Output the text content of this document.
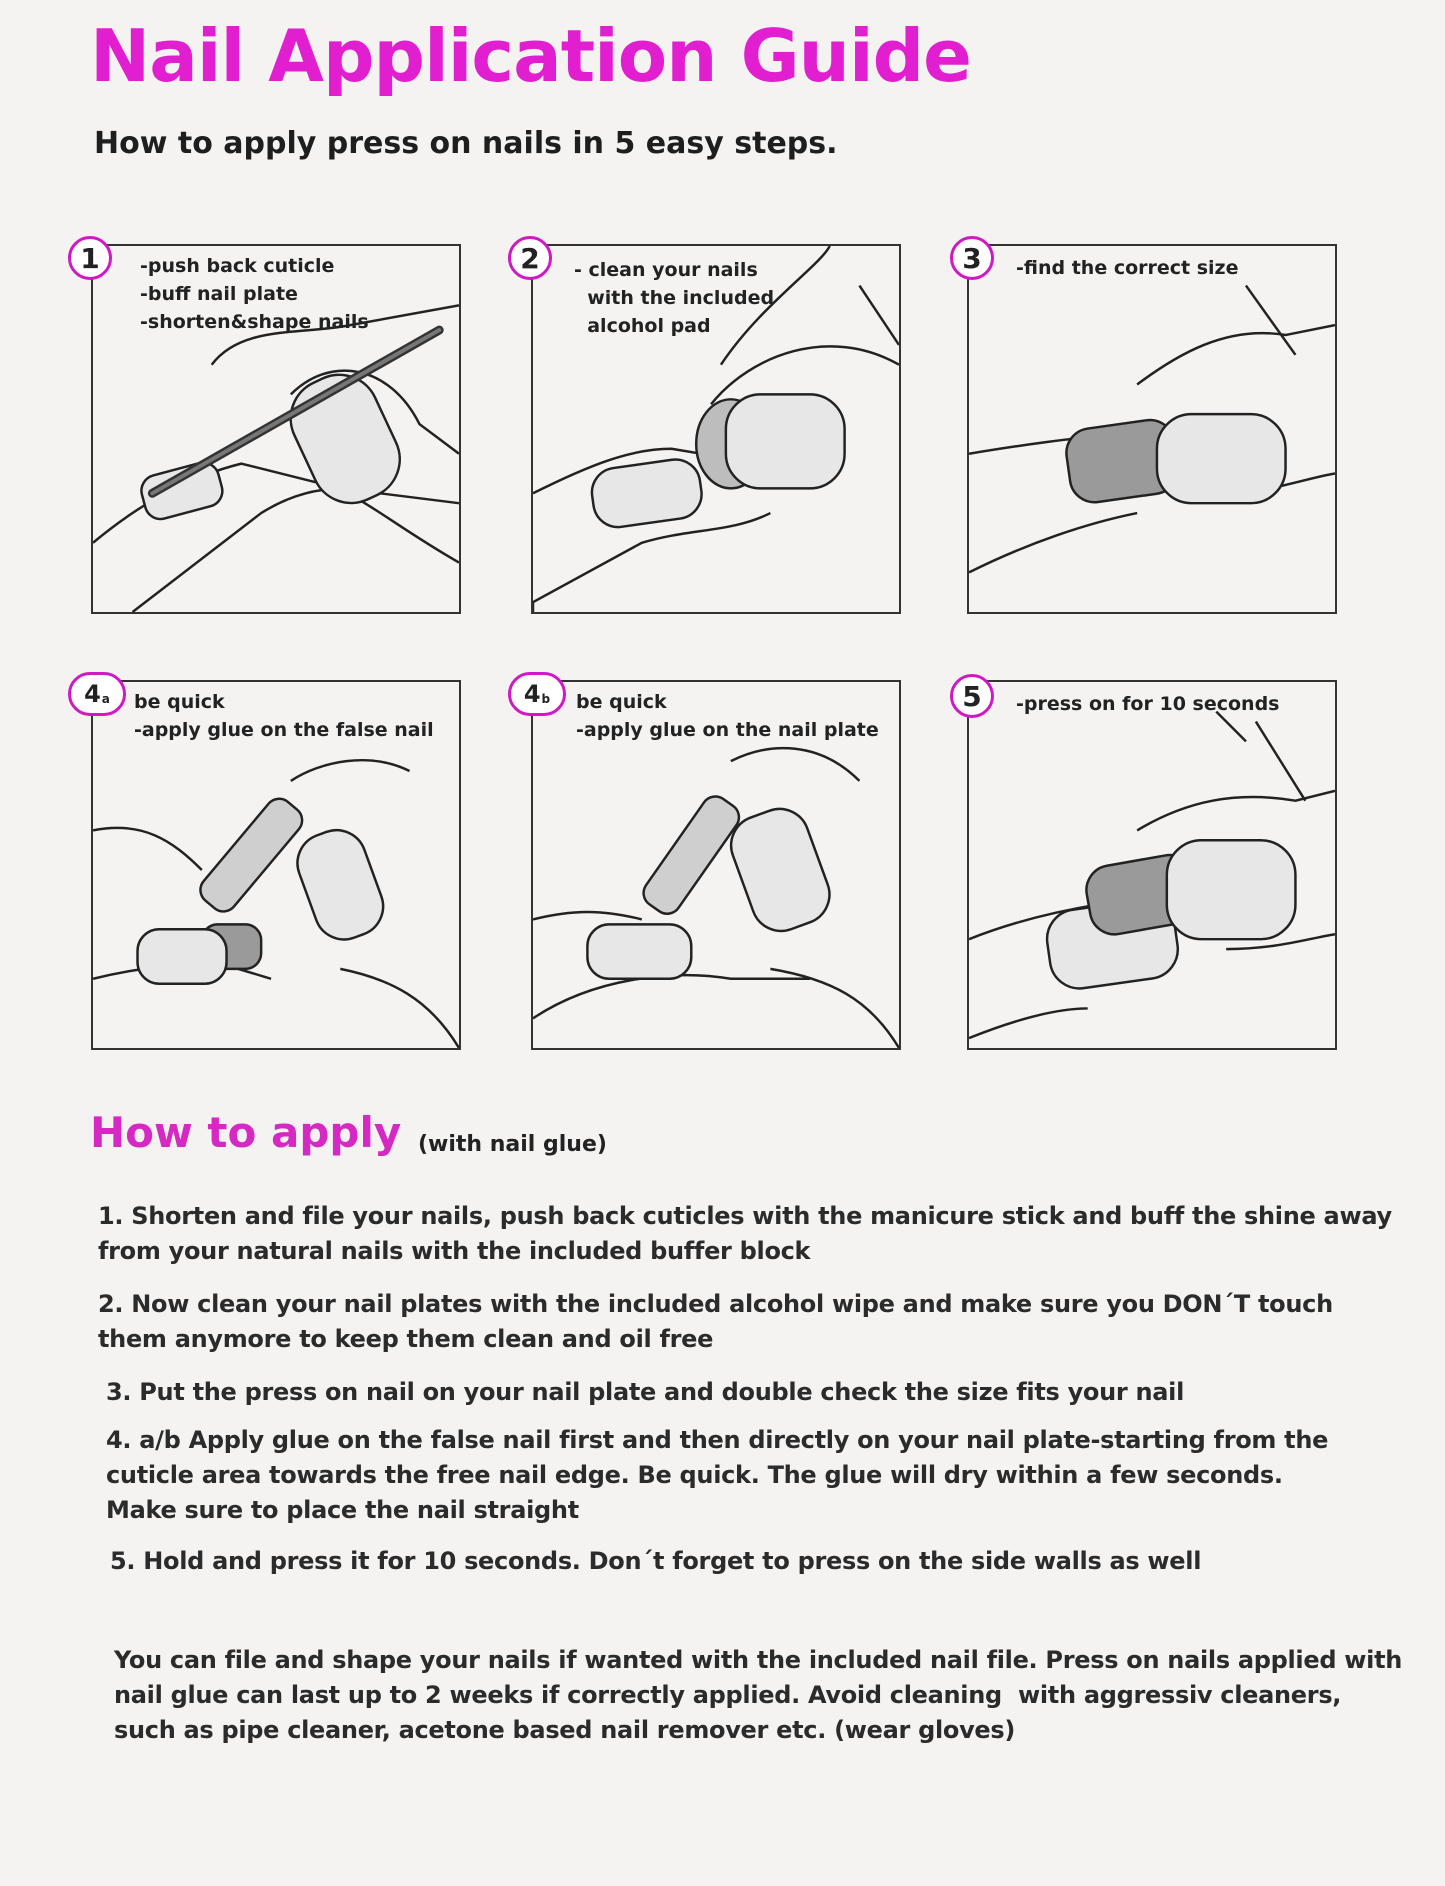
Nail Application Guide

How to apply press on nails in 5 easy steps.

1 -push back cuticle
-buff nail plate
-shorten&shape nails
2 - clean your nails
with the included
alcohol pad
3 -find the correct size
4 a be quick
-apply glue on the false nail
4 b be quick
-apply glue on the nail plate
5 -press on for 10 seconds
How to apply (with nail glue)
1. Shorten and file your nails, push back cuticles with the manicure stick and buff the shine away
from your natural nails with the included buffer block
2. Now clean your nail plates with the included alcohol wipe and make sure you DON´T touch
them anymore to keep them clean and oil free
3. Put the press on nail on your nail plate and double check the size fits your nail
4. a/b Apply glue on the false nail first and then directly on your nail plate-starting from the
cuticle area towards the free nail edge. Be quick. The glue will dry within a few seconds.
Make sure to place the nail straight
5. Hold and press it for 10 seconds. Don´t forget to press on the side walls as well
You can file and shape your nails if wanted with the included nail file. Press on nails applied with
nail glue can last up to 2 weeks if correctly applied. Avoid cleaning  with aggressiv cleaners,
such as pipe cleaner, acetone based nail remover etc. (wear gloves)
